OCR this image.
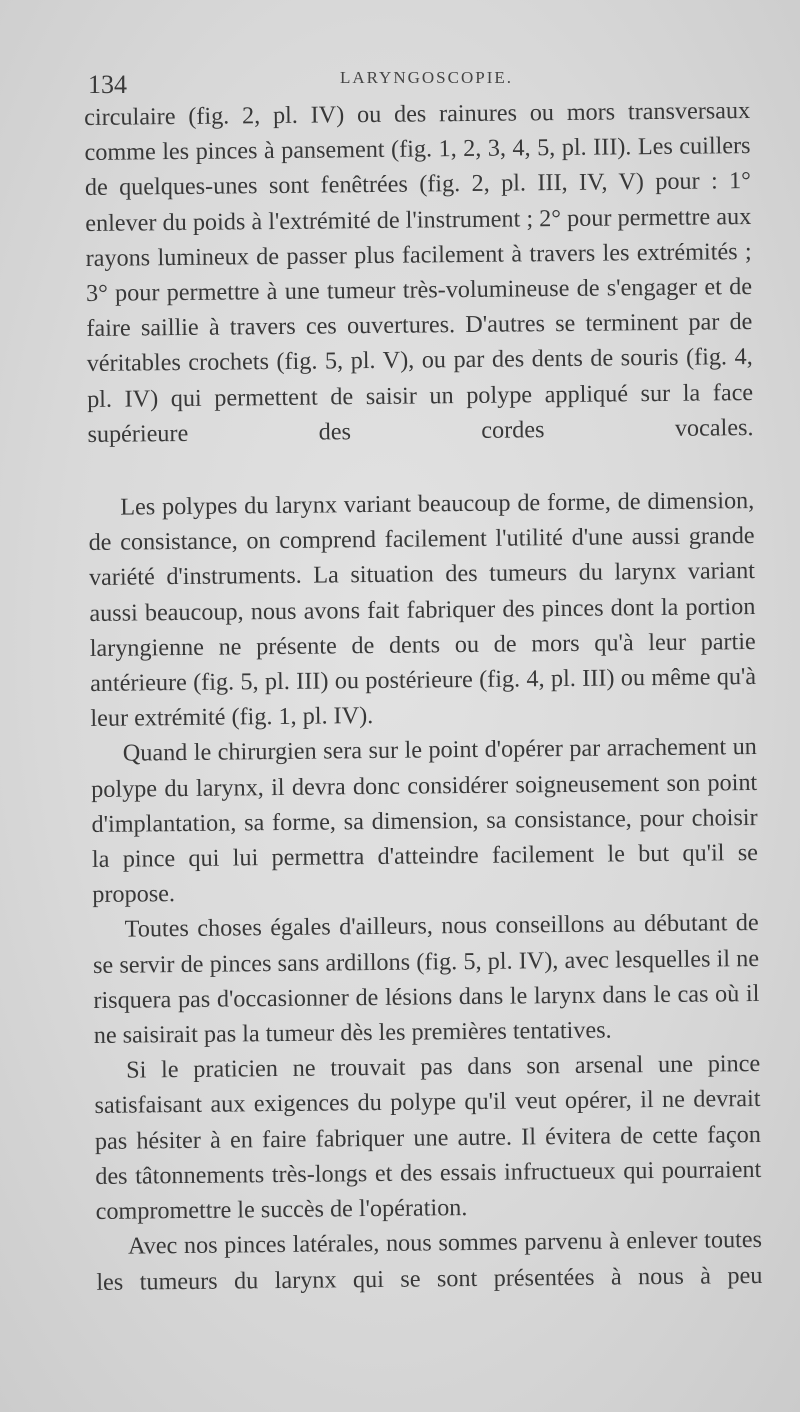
134	LARYNGOSCOPIE.

circulaire (fig. 2, pl. IV) ou des rainures ou mors transversaux comme les pinces à pansement (fig. 1, 2, 3, 4, 5, pl. III). Les cuillers de quelques-unes sont fenêtrées (fig. 2, pl. III, IV, V) pour : 1° enlever du poids à l'extrémité de l'instrument ; 2° pour permettre aux rayons lumineux de passer plus facilement à travers les extrémités ; 3° pour permettre à une tumeur très-volumineuse de s'engager et de faire saillie à travers ces ouvertures. D'autres se terminent par de véritables crochets (fig. 5, pl. V), ou par des dents de souris (fig. 4, pl. IV) qui permettent de saisir un polype appliqué sur la face supérieure des cordes vocales.

Les polypes du larynx variant beaucoup de forme, de dimension, de consistance, on comprend facilement l'utilité d'une aussi grande variété d'instruments. La situation des tumeurs du larynx variant aussi beaucoup, nous avons fait fabriquer des pinces dont la portion laryngienne ne présente de dents ou de mors qu'à leur partie antérieure (fig. 5, pl. III) ou postérieure (fig. 4, pl. III) ou même qu'à leur extrémité (fig. 1, pl. IV).

Quand le chirurgien sera sur le point d'opérer par arrachement un polype du larynx, il devra donc considérer soigneusement son point d'implantation, sa forme, sa dimension, sa consistance, pour choisir la pince qui lui permettra d'atteindre facilement le but qu'il se propose.

Toutes choses égales d'ailleurs, nous conseillons au débutant de se servir de pinces sans ardillons (fig. 5, pl. IV), avec lesquelles il ne risquera pas d'occasionner de lésions dans le larynx dans le cas où il ne saisirait pas la tumeur dès les premières tentatives.

Si le praticien ne trouvait pas dans son arsenal une pince satisfaisant aux exigences du polype qu'il veut opérer, il ne devrait pas hésiter à en faire fabriquer une autre. Il évitera de cette façon des tâtonnements très-longs et des essais infructueux qui pourraient compromettre le succès de l'opération.

Avec nos pinces latérales, nous sommes parvenu à enlever toutes les tumeurs du larynx qui se sont présentées à nous à peu
